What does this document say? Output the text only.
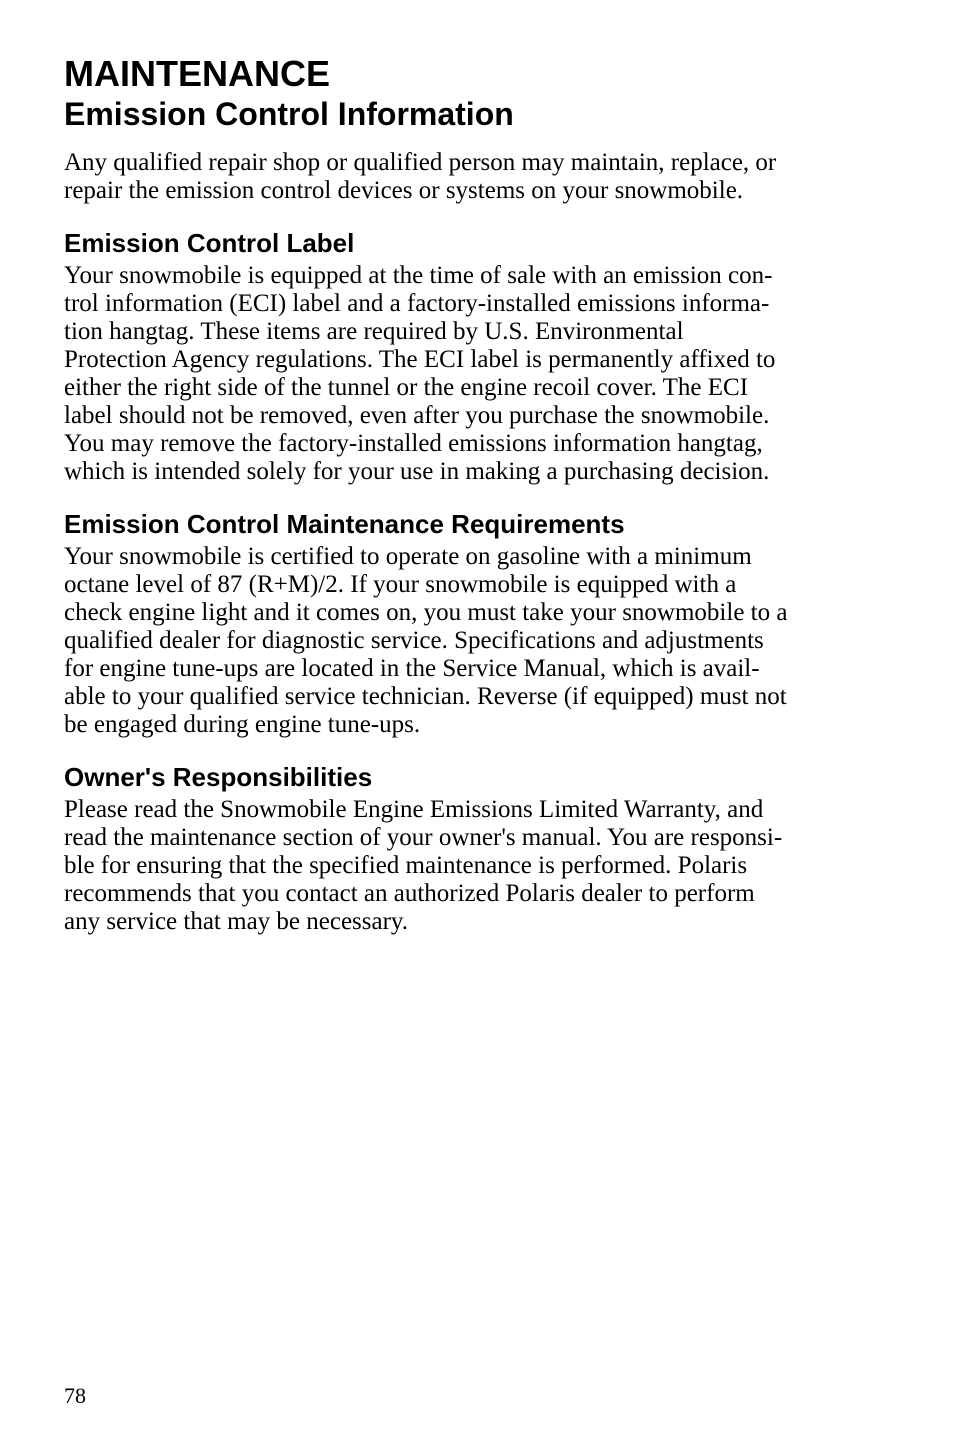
MAINTENANCE
Emission Control Information

Any qualified repair shop or qualified person may maintain, replace, or
repair the emission control devices or systems on your snowmobile.

Emission Control Label

Your snowmobile is equipped at the time of sale with an emission con-
trol information (ECI) label and a factory-installed emissions informa-
tion hangtag. These items are required by U.S. Environmental
Protection Agency regulations. The ECI label is permanently affixed to
either the right side of the tunnel or the engine recoil cover. The ECI
label should not be removed, even after you purchase the snowmobile.
You may remove the factory-installed emissions information hangtag,
which is intended solely for your use in making a purchasing decision.

Emission Control Maintenance Requirements

Your snowmobile is certified to operate on gasoline with a minimum
octane level of 87 (R+M)/2. If your snowmobile is equipped with a
check engine light and it comes on, you must take your snowmobile to a
qualified dealer for diagnostic service. Specifications and adjustments
for engine tune-ups are located in the Service Manual, which is avail-
able to your qualified service technician. Reverse (if equipped) must not
be engaged during engine tune-ups.

Owner's Responsibilities

Please read the Snowmobile Engine Emissions Limited Warranty, and
read the maintenance section of your owner's manual. You are responsi-
ble for ensuring that the specified maintenance is performed. Polaris
recommends that you contact an authorized Polaris dealer to perform
any service that may be necessary.

78
